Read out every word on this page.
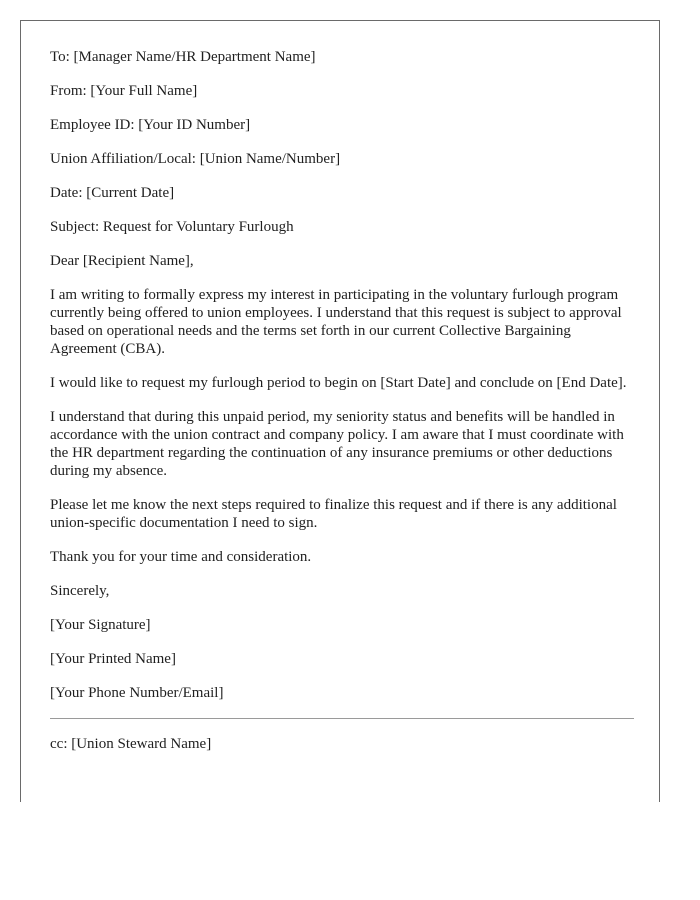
To: [Manager Name/HR Department Name]

From: [Your Full Name]

Employee ID: [Your ID Number]

Union Affiliation/Local: [Union Name/Number]

Date: [Current Date]

Subject: Request for Voluntary Furlough

Dear [Recipient Name],

I am writing to formally express my interest in participating in the voluntary furlough program currently being offered to union employees. I understand that this request is subject to approval based on operational needs and the terms set forth in our current Collective Bargaining Agreement (CBA).

I would like to request my furlough period to begin on [Start Date] and conclude on [End Date].

I understand that during this unpaid period, my seniority status and benefits will be handled in accordance with the union contract and company policy. I am aware that I must coordinate with the HR department regarding the continuation of any insurance premiums or other deductions during my absence.

Please let me know the next steps required to finalize this request and if there is any additional union-specific documentation I need to sign.

Thank you for your time and consideration.

Sincerely,

[Your Signature]

[Your Printed Name]

[Your Phone Number/Email]

cc: [Union Steward Name]
